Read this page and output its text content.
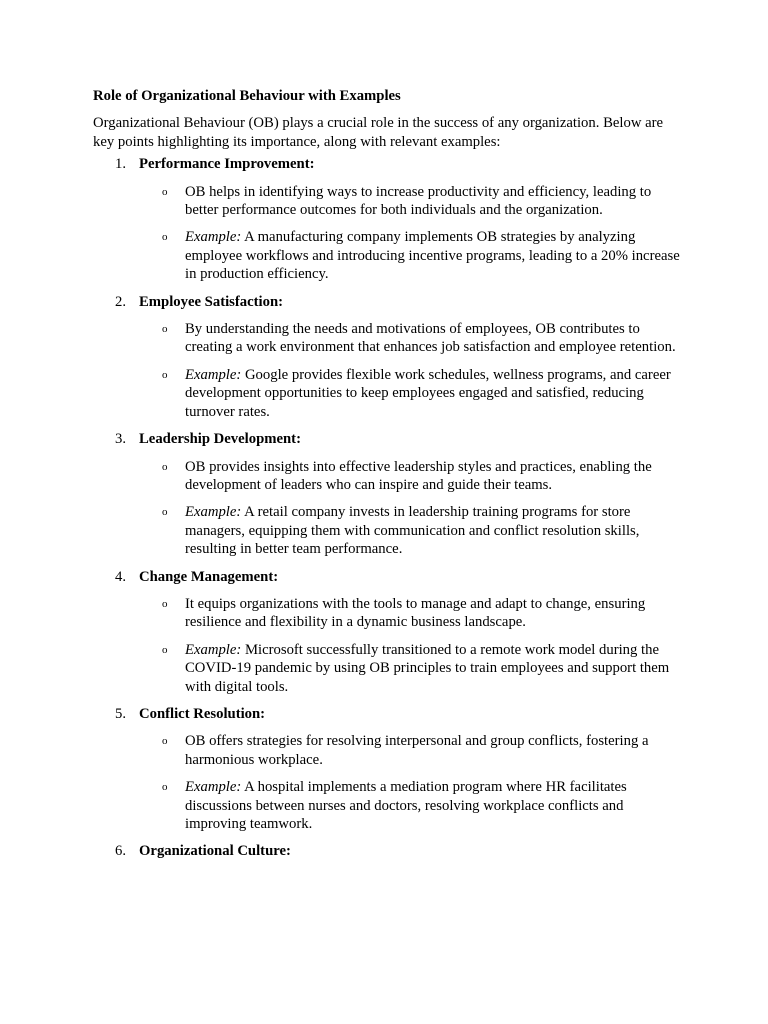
Role of Organizational Behaviour with Examples

Organizational Behaviour (OB) plays a crucial role in the success of any organization. Below are key points highlighting its importance, along with relevant examples:

1. Performance Improvement:
o OB helps in identifying ways to increase productivity and efficiency, leading to better performance outcomes for both individuals and the organization.
o Example: A manufacturing company implements OB strategies by analyzing employee workflows and introducing incentive programs, leading to a 20% increase in production efficiency.
2. Employee Satisfaction:
o By understanding the needs and motivations of employees, OB contributes to creating a work environment that enhances job satisfaction and employee retention.
o Example: Google provides flexible work schedules, wellness programs, and career development opportunities to keep employees engaged and satisfied, reducing turnover rates.
3. Leadership Development:
o OB provides insights into effective leadership styles and practices, enabling the development of leaders who can inspire and guide their teams.
o Example: A retail company invests in leadership training programs for store managers, equipping them with communication and conflict resolution skills, resulting in better team performance.
4. Change Management:
o It equips organizations with the tools to manage and adapt to change, ensuring resilience and flexibility in a dynamic business landscape.
o Example: Microsoft successfully transitioned to a remote work model during the COVID-19 pandemic by using OB principles to train employees and support them with digital tools.
5. Conflict Resolution:
o OB offers strategies for resolving interpersonal and group conflicts, fostering a harmonious workplace.
o Example: A hospital implements a mediation program where HR facilitates discussions between nurses and doctors, resolving workplace conflicts and improving teamwork.
6. Organizational Culture:
